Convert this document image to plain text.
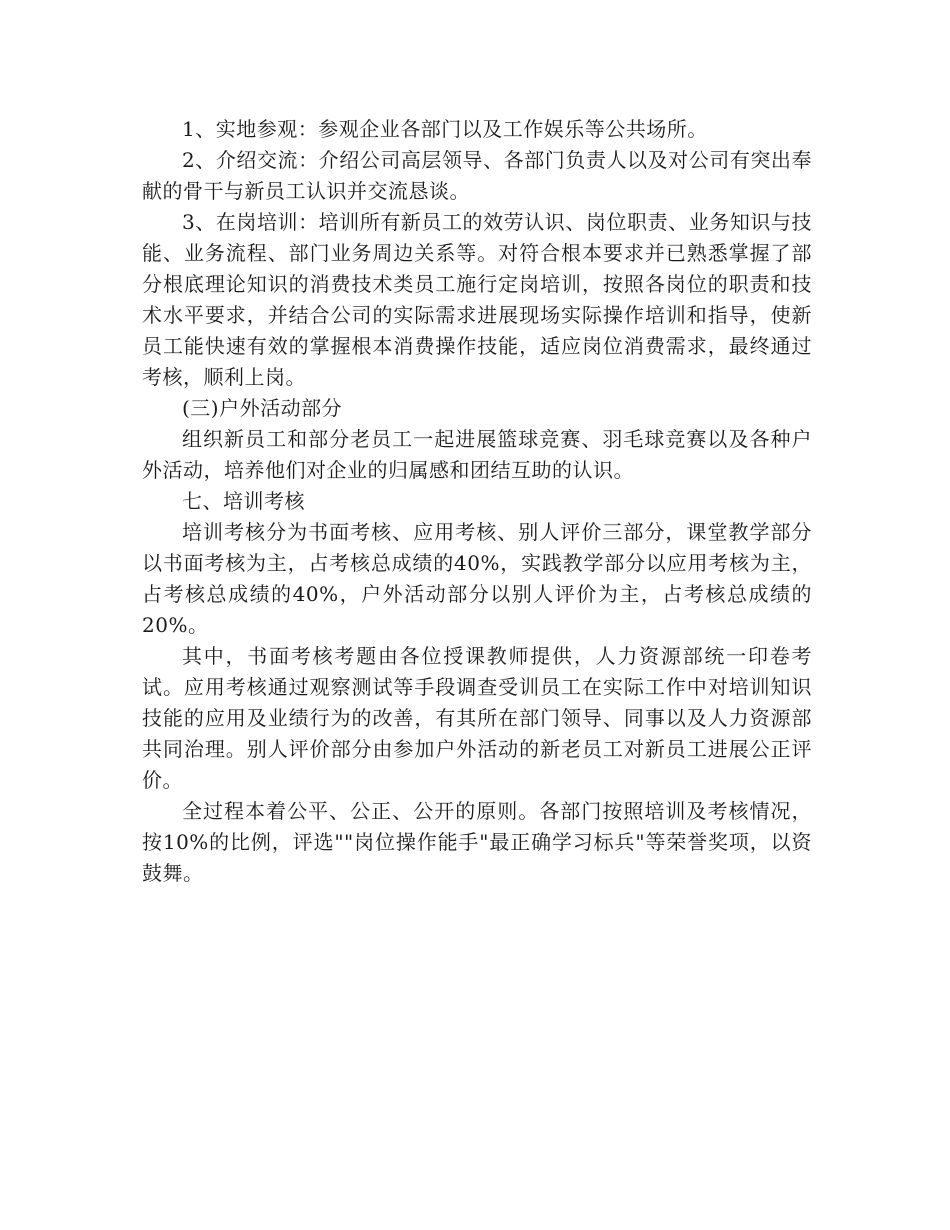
1、实地参观：参观企业各部门以及工作娱乐等公共场所。

2、介绍交流：介绍公司高层领导、各部门负责人以及对公司有突出奉献的骨干与新员工认识并交流恳谈。

3、在岗培训：培训所有新员工的效劳认识、岗位职责、业务知识与技能、业务流程、部门业务周边关系等。对符合根本要求并已熟悉掌握了部分根底理论知识的消费技术类员工施行定岗培训，按照各岗位的职责和技术水平要求，并结合公司的实际需求进展现场实际操作培训和指导，使新员工能快速有效的掌握根本消费操作技能，适应岗位消费需求，最终通过考核，顺利上岗。

(三)户外活动部分

组织新员工和部分老员工一起进展篮球竞赛、羽毛球竞赛以及各种户外活动，培养他们对企业的归属感和团结互助的认识。

七、培训考核

培训考核分为书面考核、应用考核、别人评价三部分，课堂教学部分以书面考核为主，占考核总成绩的40%，实践教学部分以应用考核为主，占考核总成绩的40%，户外活动部分以别人评价为主，占考核总成绩的20%。

其中，书面考核考题由各位授课教师提供，人力资源部统一印卷考试。应用考核通过观察测试等手段调查受训员工在实际工作中对培训知识技能的应用及业绩行为的改善，有其所在部门领导、同事以及人力资源部共同治理。别人评价部分由参加户外活动的新老员工对新员工进展公正评价。

全过程本着公平、公正、公开的原则。各部门按照培训及考核情况，按10%的比例，评选""岗位操作能手"最正确学习标兵"等荣誉奖项，以资鼓舞。
